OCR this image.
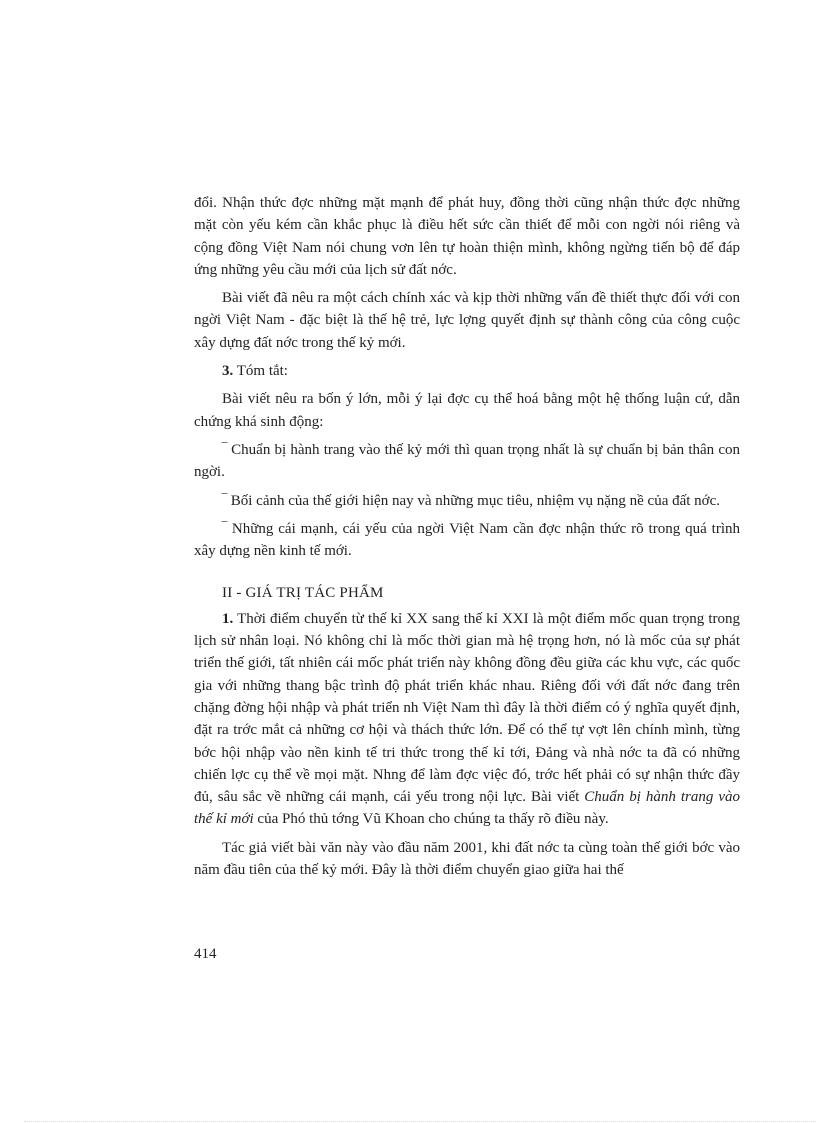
đổi. Nhận thức đợc những mặt mạnh để phát huy, đồng thời cũng nhận thức đợc những mặt còn yếu kém cần khắc phục là điều hết sức cần thiết để mỗi con ngời nói riêng và cộng đồng Việt Nam nói chung vơn lên tự hoàn thiện mình, không ngừng tiến bộ để đáp ứng những yêu cầu mới của lịch sử đất nớc.

Bài viết đã nêu ra một cách chính xác và kịp thời những vấn đề thiết thực đối với con ngời Việt Nam - đặc biệt là thế hệ trẻ, lực lợng quyết định sự thành công của công cuộc xây dựng đất nớc trong thế kỷ mới.

3. Tóm tắt:

Bài viết nêu ra bốn ý lớn, mỗi ý lại đợc cụ thể hoá bằng một hệ thống luận cứ, dẫn chứng khá sinh động:

‾ Chuẩn bị hành trang vào thế kỷ mới thì quan trọng nhất là sự chuẩn bị bản thân con ngời.

‾ Bối cảnh của thế giới hiện nay và những mục tiêu, nhiệm vụ nặng nề của đất nớc.

‾ Những cái mạnh, cái yếu của ngời Việt Nam cần đợc nhận thức rõ trong quá trình xây dựng nền kinh tế mới.

II - GIÁ TRỊ TÁC PHẨM

1. Thời điểm chuyển từ thế kỉ XX sang thế kỉ XXI là một điểm mốc quan trọng trong lịch sử nhân loại. Nó không chỉ là mốc thời gian mà hệ trọng hơn, nó là mốc của sự phát triển thế giới, tất nhiên cái mốc phát triển này không đồng đều giữa các khu vực, các quốc gia với những thang bậc trình độ phát triển khác nhau. Riêng đối với đất nớc đang trên chặng đờng hội nhập và phát triển nh Việt Nam thì đây là thời điểm có ý nghĩa quyết định, đặt ra trớc mắt cả những cơ hội và thách thức lớn. Để có thể tự vợt lên chính mình, từng bớc hội nhập vào nền kinh tế tri thức trong thế kỉ tới, Đảng và nhà nớc ta đã có những chiến lợc cụ thể về mọi mặt. Nhng để làm đợc việc đó, trớc hết phải có sự nhận thức đầy đủ, sâu sắc về những cái mạnh, cái yếu trong nội lực. Bài viết Chuẩn bị hành trang vào thế kỉ mới của Phó thủ tớng Vũ Khoan cho chúng ta thấy rõ điều này.

Tác giả viết bài văn này vào đầu năm 2001, khi đất nớc ta cùng toàn thế giới bớc vào năm đầu tiên của thế kỷ mới. Đây là thời điểm chuyển giao giữa hai thế

414
